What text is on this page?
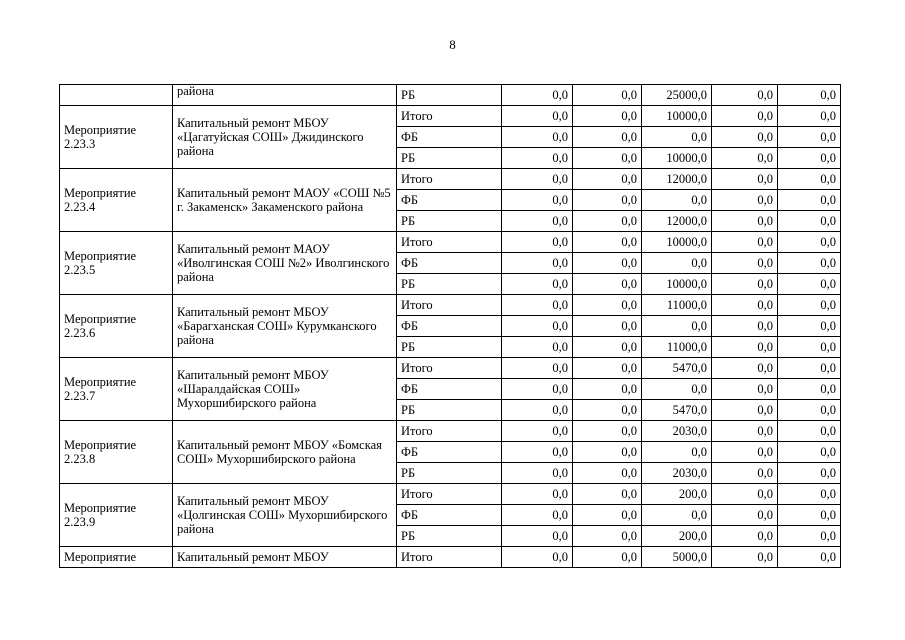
8
	района	РБ	0,0	0,0	25000,0	0,0	0,0
Мероприятие 2.23.3	Капитальный ремонт МБОУ «Цагатуйская СОШ» Джидинского района	Итого	0,0	0,0	10000,0	0,0	0,0
		ФБ	0,0	0,0	0,0	0,0	0,0
		РБ	0,0	0,0	10000,0	0,0	0,0
Мероприятие 2.23.4	Капитальный ремонт МАОУ «СОШ №5 г. Закаменск» Закаменского района	Итого	0,0	0,0	12000,0	0,0	0,0
		ФБ	0,0	0,0	0,0	0,0	0,0
		РБ	0,0	0,0	12000,0	0,0	0,0
Мероприятие 2.23.5	Капитальный ремонт МАОУ «Иволгинская СОШ №2» Иволгинского района	Итого	0,0	0,0	10000,0	0,0	0,0
		ФБ	0,0	0,0	0,0	0,0	0,0
		РБ	0,0	0,0	10000,0	0,0	0,0
Мероприятие 2.23.6	Капитальный ремонт МБОУ «Барагханская СОШ» Курумканского района	Итого	0,0	0,0	11000,0	0,0	0,0
		ФБ	0,0	0,0	0,0	0,0	0,0
		РБ	0,0	0,0	11000,0	0,0	0,0
Мероприятие 2.23.7	Капитальный ремонт МБОУ «Шаралдайская СОШ» Мухоршибирского района	Итого	0,0	0,0	5470,0	0,0	0,0
		ФБ	0,0	0,0	0,0	0,0	0,0
		РБ	0,0	0,0	5470,0	0,0	0,0
Мероприятие 2.23.8	Капитальный ремонт МБОУ «Бомская СОШ» Мухоршибирского района	Итого	0,0	0,0	2030,0	0,0	0,0
		ФБ	0,0	0,0	0,0	0,0	0,0
		РБ	0,0	0,0	2030,0	0,0	0,0
Мероприятие 2.23.9	Капитальный ремонт МБОУ «Цолгинская СОШ» Мухоршибирского района	Итого	0,0	0,0	200,0	0,0	0,0
		ФБ	0,0	0,0	0,0	0,0	0,0
		РБ	0,0	0,0	200,0	0,0	0,0
Мероприятие	Капитальный ремонт МБОУ	Итого	0,0	0,0	5000,0	0,0	0,0
